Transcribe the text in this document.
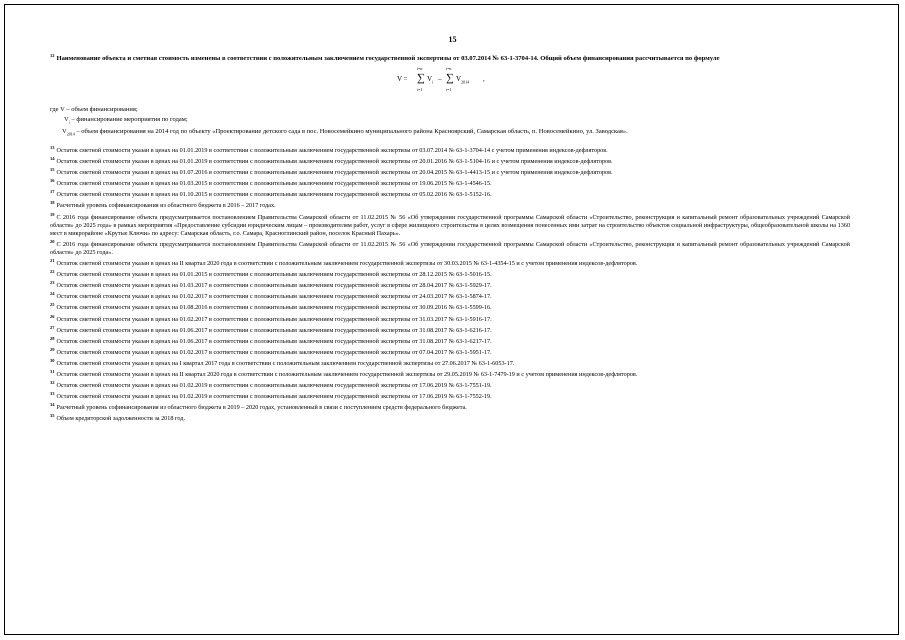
15
$^{12}$ Наименование объекта и сметная стоимость изменены в соответствии с положительным заключением государственной экспертизы от 03.07.2014 № 63-1-3704-14. Общий объем финансирования рассчитывается по формуле
V =
i=n
∑
i=1
$V_i$ –
i=n
∑
i=1
$V_{2014}$ ,
где V – объем финансирования;
$V_i$ – финансирование мероприятия по годам;
$V_{2014}$ – объем финансирования на 2014 год по объекту «Проектирование детского сада в пос. Новосемейкино муниципального района Красноярский, Самарская область, п. Новосемейкино, ул. Заводская».

$^{13}$ Остаток сметной стоимости указан в ценах на 01.01.2019 в соответствии с положительным заключением государственной экспертизы от 03.07.2014 № 63-1-3704-14 с учетом применения индексов-дефляторов.

$^{14}$ Остаток сметной стоимости указан в ценах на 01.01.2019 в соответствии с положительным заключением государственной экспертизы от 20.01.2016 № 63-1-5104-16 и с учетом применения индексов-дефляторов.

$^{15}$ Остаток сметной стоимости указан в ценах на 01.07.2016 в соответствии с положительным заключением государственной экспертизы от 20.04.2015 № 63-1-4413-15 и с учетом применения индексов-дефляторов.

$^{16}$ Остаток сметной стоимости указан в ценах на 01.03.2015 в соответствии с положительным заключением государственной экспертизы от 19.06.2015 № 63-1-4546-15.

$^{17}$ Остаток сметной стоимости указан в ценах на 01.10.2015 в соответствии с положительным заключением государственной экспертизы от 05.02.2016 № 63-1-5152-16.

$^{18}$ Расчетный уровень софинансирования из областного бюджета в 2016 – 2017 годах.

$^{19}$ С 2016 года финансирование объекта предусматривается постановлением Правительства Самарской области от 11.02.2015 № 56 «Об утверждении государственной программы Самарской области «Строительство, реконструкция и капитальный ремонт образовательных учреждений Самарской области» до 2025 года» в рамках мероприятия «Предоставление субсидии юридическим лицам – производителям работ, услуг в сфере жилищного строительства в целях возмещения понесенных ими затрат на строительство объектов социальной инфраструктуры, общеобразовательной школы на 1360 мест в микрорайоне «Крутые Ключи» по адресу: Самарская область, г.о. Самара, Красноглинский район, поселок Красный Пахарь».

$^{20}$ С 2016 года финансирование объекта предусматривается постановлением Правительства Самарской области от 11.02.2015 № 56 «Об утверждении государственной программы Самарской области «Строительство, реконструкция и капитальный ремонт образовательных учреждений Самарской области» до 2025 года».

$^{21}$ Остаток сметной стоимости указан в ценах на II квартал 2020 года в соответствии с положительным заключением государственной экспертизы от 30.03.2015 № 63-1-4354-15 и с учетом применения индексов-дефляторов.

$^{22}$ Остаток сметной стоимости указан в ценах на 01.01.2015 в соответствии с положительным заключением государственной экспертизы от 28.12.2015 № 63-1-5016-15.

$^{23}$ Остаток сметной стоимости указан в ценах на 01.03.2017 в соответствии с положительным заключением государственной экспертизы от 28.04.2017 № 63-1-5929-17.

$^{24}$ Остаток сметной стоимости указан в ценах на 01.02.2017 в соответствии с положительным заключением государственной экспертизы от 24.03.2017 № 63-1-5874-17.

$^{25}$ Остаток сметной стоимости указан в ценах на 01.08.2016 в соответствии с положительным заключением государственной экспертизы от 30.09.2016 № 63-1-5599-16.

$^{26}$ Остаток сметной стоимости указан в ценах на 01.02.2017 в соответствии с положительным заключением государственной экспертизы от 31.03.2017 № 63-1-5916-17.

$^{27}$ Остаток сметной стоимости указан в ценах на 01.06.2017 в соответствии с положительным заключением государственной экспертизы от 31.08.2017 № 63-1-6216-17.

$^{28}$ Остаток сметной стоимости указан в ценах на 01.06.2017 в соответствии с положительным заключением государственной экспертизы от 31.08.2017 № 63-1-6217-17.

$^{29}$ Остаток сметной стоимости указан в ценах на 01.02.2017 в соответствии с положительным заключением государственной экспертизы от 07.04.2017 № 63-1-5951-17.

$^{30}$ Остаток сметной стоимости указан в ценах на I квартал 2017 года в соответствии с положительным заключением государственной экспертизы от 27.06.2017 № 63-1-6053-17.

$^{31}$ Остаток сметной стоимости указан в ценах на II квартал 2020 года в соответствии с положительным заключением государственной экспертизы от 29.05.2019 № 63-1-7479-19 и с учетом применения индексов-дефляторов.

$^{32}$ Остаток сметной стоимости указан в ценах на 01.02.2019 в соответствии с положительным заключением государственной экспертизы от 17.06.2019 № 63-1-7551-19.

$^{33}$ Остаток сметной стоимости указан в ценах на 01.02.2019 в соответствии с положительным заключением государственной экспертизы от 17.06.2019 № 63-1-7552-19.

$^{34}$ Расчетный уровень софинансирования из областного бюджета в 2019 – 2020 годах, установленный в связи с поступлением средств федерального бюджета.

$^{35}$ Объем кредиторской задолженности за 2018 год.
